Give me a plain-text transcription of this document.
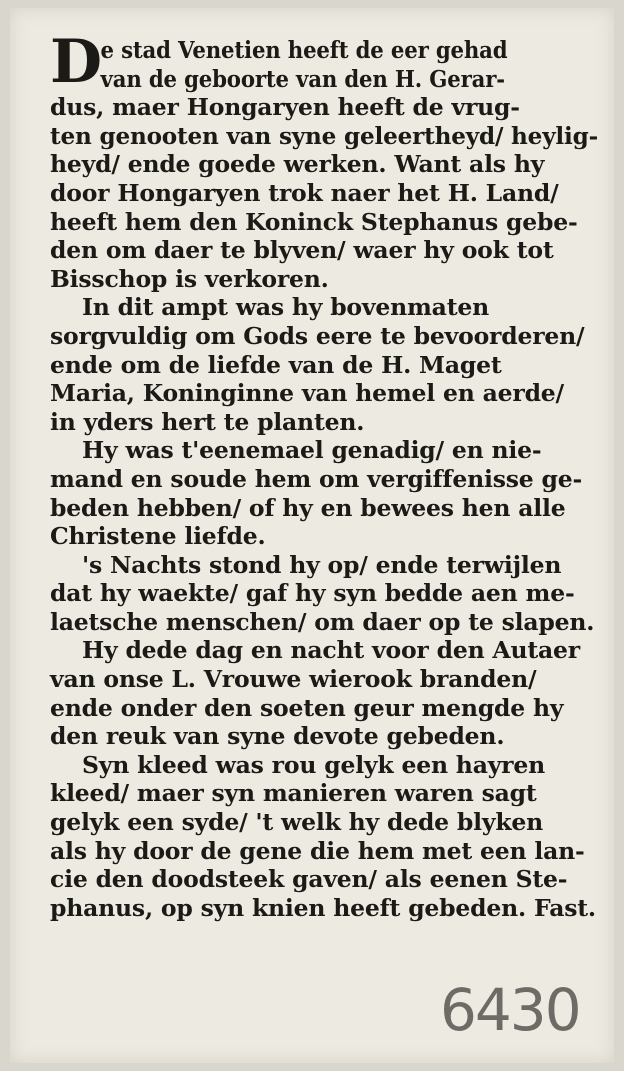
D
e stad Venetien heeft de eer gehad
van de geboorte van den H. Gerar-
dus, maer Hongaryen heeft de vrug-
ten genooten van syne geleertheyd/ heylig-
heyd/ ende goede werken. Want als hy
door Hongaryen trok naer het H. Land/
heeft hem den Koninck Stephanus gebe-
den om daer te blyven/ waer hy ook tot
Bisschop is verkoren.
In dit ampt was hy bovenmaten
sorgvuldig om Gods eere te bevoorderen/
ende om de liefde van de H. Maget
Maria, Koninginne van hemel en aerde/
in yders hert te planten.
Hy was t'eenemael genadig/ en nie-
mand en soude hem om vergiffenisse ge-
beden hebben/ of hy en bewees hen alle
Christene liefde.
's Nachts stond hy op/ ende terwijlen
dat hy waekte/ gaf hy syn bedde aen me-
laetsche menschen/ om daer op te slapen.
Hy dede dag en nacht voor den Autaer
van onse L. Vrouwe wierook branden/
ende onder den soeten geur mengde hy
den reuk van syne devote gebeden.
Syn kleed was rou gelyk een hayren
kleed/ maer syn manieren waren sagt
gelyk een syde/ 't welk hy dede blyken
als hy door de gene die hem met een lan-
cie den doodsteek gaven/ als eenen Ste-
phanus, op syn knien heeft gebeden. Fast.
6430
